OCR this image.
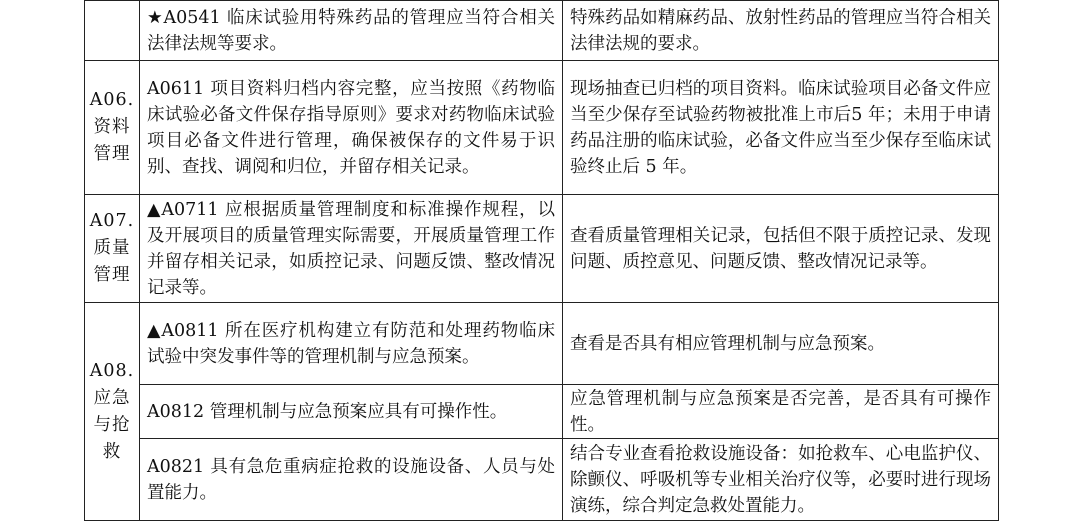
	★A0541 临床试验用特殊药品的管理应当符合相关法律法规等要求。	特殊药品如精麻药品、放射性药品的管理应当符合相关法律法规的要求。
A06. 资料管理	A0611 项目资料归档内容完整，应当按照《药物临床试验必备文件保存指导原则》要求对药物临床试验项目必备文件进行管理，确保被保存的文件易于识别、查找、调阅和归位，并留存相关记录。	现场抽查已归档的项目资料。临床试验项目必备文件应当至少保存至试验药物被批准上市后5 年；未用于申请药品注册的临床试验，必备文件应当至少保存至临床试验终止后 5 年。
A07. 质量管理	▲A0711 应根据质量管理制度和标准操作规程，以及开展项目的质量管理实际需要，开展质量管理工作并留存相关记录，如质控记录、问题反馈、整改情况记录等。	查看质量管理相关记录，包括但不限于质控记录、发现问题、质控意见、问题反馈、整改情况记录等。
A08. 应急与抢救	▲A0811 所在医疗机构建立有防范和处理药物临床试验中突发事件等的管理机制与应急预案。	查看是否具有相应管理机制与应急预案。
	A0812 管理机制与应急预案应具有可操作性。	应急管理机制与应急预案是否完善，是否具有可操作性。
	A0821 具有急危重病症抢救的设施设备、人员与处置能力。	结合专业查看抢救设施设备：如抢救车、心电监护仪、除颤仪、呼吸机等专业相关治疗仪等，必要时进行现场演练，综合判定急救处置能力。
